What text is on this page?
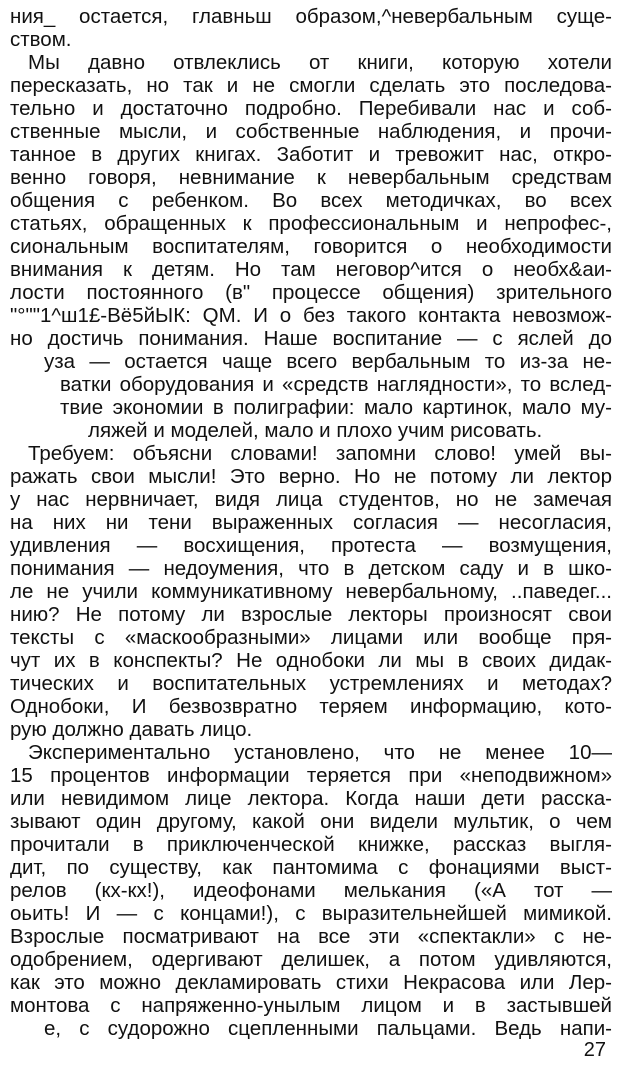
ния_ остается, главньш образом,^невербальным суще-
ством.
Мы давно отвлеклись от книги, которую хотели
пересказать, но так и не смогли сделать это последова-
тельно и достаточно подробно. Перебивали нас и соб-
ственные мысли, и собственные наблюдения, и прочи-
танное в других книгах. Заботит и тревожит нас, откро-
венно говоря, невнимание к невербальным средствам
общения с ребенком. Во всех методичках, во всех
статьях, обращенных к профессиональным и непрофес-,
сиональным воспитателям, говорится о необходимости
внимания к детям. Но там неговор^ится о необх&аи-
лости постоянного (в" процессе общения) зрительного
"°""1^ш1£-Вё5йЫК: QM. И о без такого контакта невозмож-
но достичь понимания. Наше воспитание — с яслей до
уза — остается чаще всего вербальным то из-за не-
ватки оборудования и «средств наглядности», то вслед-
твие экономии в полиграфии: мало картинок, мало му-
ляжей и моделей, мало и плохо учим рисовать.
Требуем: объясни словами! запомни слово! умей вы-
ражать свои мысли! Это верно. Но не потому ли лектор
у нас нервничает, видя лица студентов, но не замечая
на них ни тени выраженных согласия — несогласия,
удивления — восхищения, протеста — возмущения,
понимания — недоумения, что в детском саду и в шко-
ле не учили коммуникативному невербальному, ..паведег...
нию? Не потому ли взрослые лекторы произносят свои
тексты с «маскообразными» лицами или вообще пря-
чут их в конспекты? Не однобоки ли мы в своих дидак-
тических и воспитательных устремлениях и методах?
Однобоки, И безвозвратно теряем информацию, кото-
рую должно давать лицо.
Экспериментально установлено, что не менее 10—
15 процентов информации теряется при «неподвижном»
или невидимом лице лектора. Когда наши дети расска-
зывают один другому, какой они видели мультик, о чем
прочитали в приключенческой книжке, рассказ выгля-
дит, по существу, как пантомима с фонациями выст-
релов (кх-кх!), идеофонами мелькания («А тот —
оьить! И — с концами!), с выразительнейшей мимикой.
Взрослые посматривают на все эти «спектакли» с не-
одобрением, одергивают делишек, а потом удивляются,
как это можно декламировать стихи Некрасова или Лер-
монтова с напряженно-унылым лицом и в застывшей
е, с судорожно сцепленными пальцами. Ведь напи-
27
